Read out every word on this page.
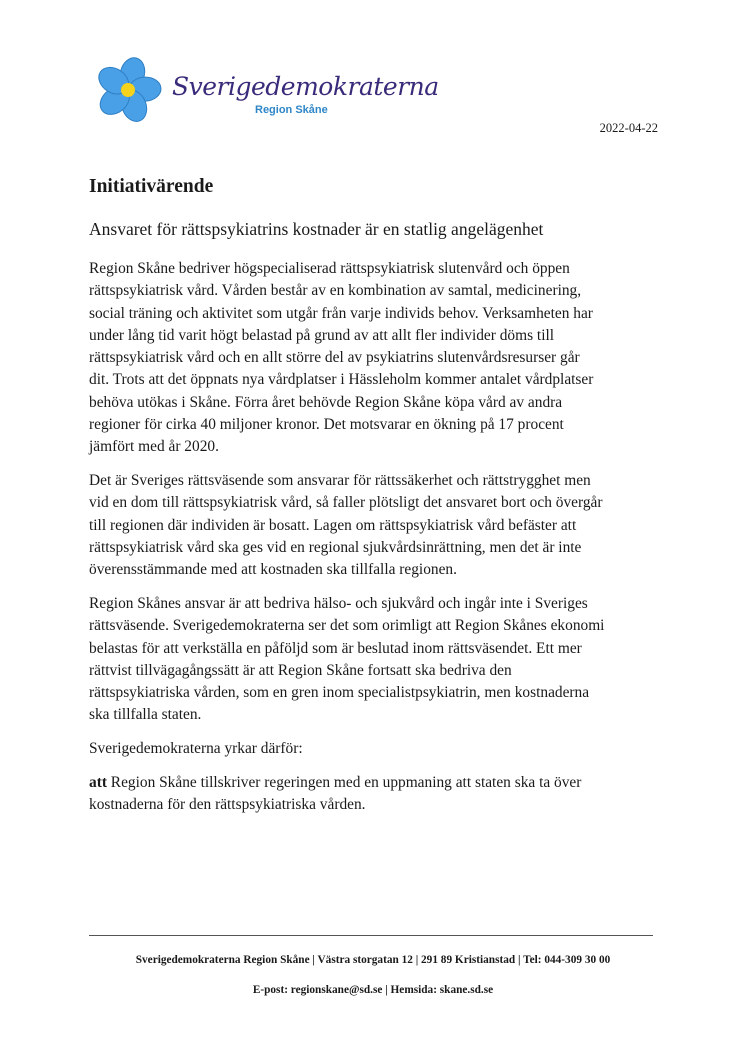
Sverigedemokraterna
Region Skåne
2022-04-22
Initiativärende
Ansvaret för rättspsykiatrins kostnader är en statlig angelägenhet

Region Skåne bedriver högspecialiserad rättspsykiatrisk slutenvård och öppen
rättspsykiatrisk vård. Vården består av en kombination av samtal, medicinering,
social träning och aktivitet som utgår från varje individs behov. Verksamheten har
under lång tid varit högt belastad på grund av att allt fler individer döms till
rättspsykiatrisk vård och en allt större del av psykiatrins slutenvårdsresurser går
dit. Trots att det öppnats nya vårdplatser i Hässleholm kommer antalet vårdplatser
behöva utökas i Skåne. Förra året behövde Region Skåne köpa vård av andra
regioner för cirka 40 miljoner kronor. Det motsvarar en ökning på 17 procent
jämfört med år 2020.

Det är Sveriges rättsväsende som ansvarar för rättssäkerhet och rättstrygghet men
vid en dom till rättspsykiatrisk vård, så faller plötsligt det ansvaret bort och övergår
till regionen där individen är bosatt. Lagen om rättspsykiatrisk vård befäster att
rättspsykiatrisk vård ska ges vid en regional sjukvårdsinrättning, men det är inte
överensstämmande med att kostnaden ska tillfalla regionen.

Region Skånes ansvar är att bedriva hälso- och sjukvård och ingår inte i Sveriges
rättsväsende. Sverigedemokraterna ser det som orimligt att Region Skånes ekonomi
belastas för att verkställa en påföljd som är beslutad inom rättsväsendet. Ett mer
rättvist tillvägagångssätt är att Region Skåne fortsatt ska bedriva den
rättspsykiatriska vården, som en gren inom specialistpsykiatrin, men kostnaderna
ska tillfalla staten.

Sverigedemokraterna yrkar därför:

att Region Skåne tillskriver regeringen med en uppmaning att staten ska ta över
kostnaderna för den rättspsykiatriska vården.

Sverigedemokraterna Region Skåne | Västra storgatan 12 | 291 89 Kristianstad | Tel: 044-309 30 00
E-post: regionskane@sd.se | Hemsida: skane.sd.se
